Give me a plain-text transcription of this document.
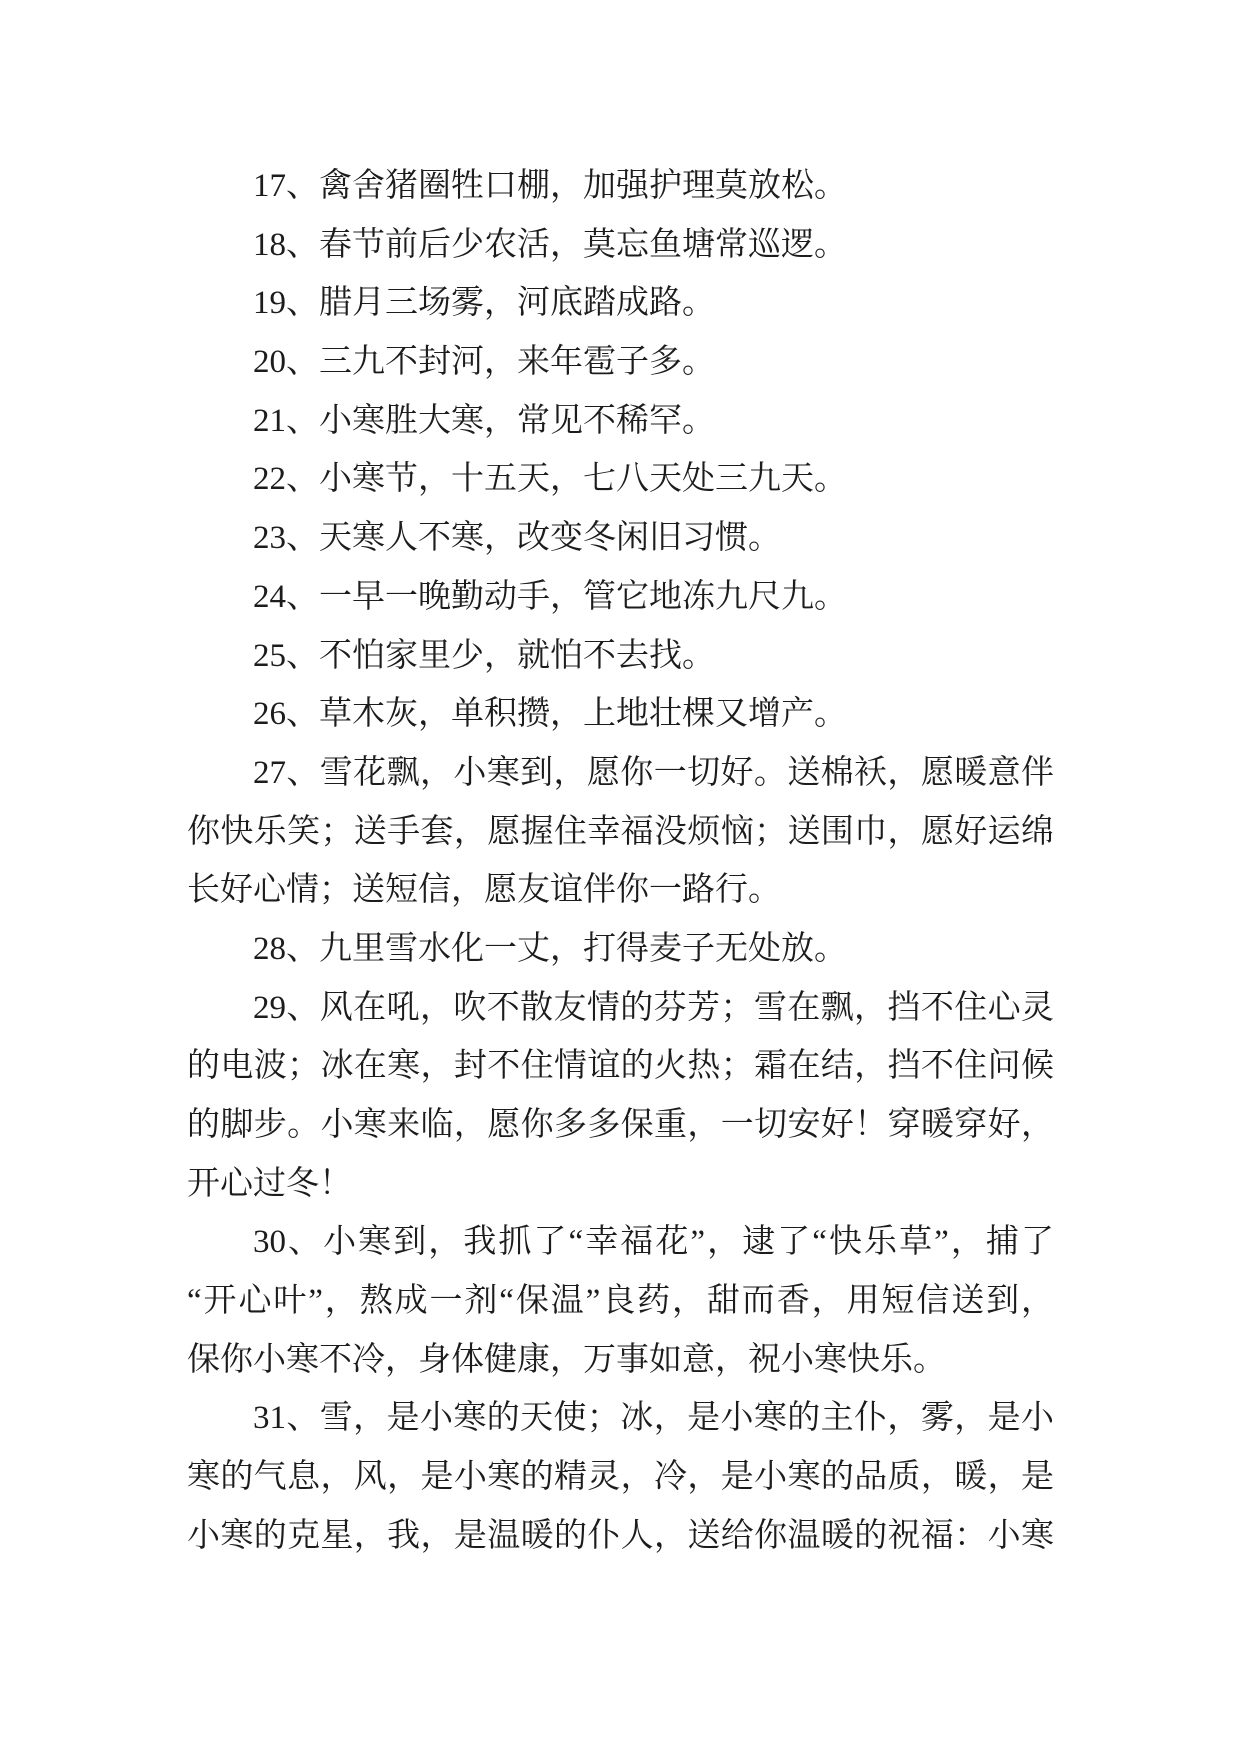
17、禽舍猪圈牲口棚，加强护理莫放松。
18、春节前后少农活，莫忘鱼塘常巡逻。
19、腊月三场雾，河底踏成路。
20、三九不封河，来年雹子多。
21、小寒胜大寒，常见不稀罕。
22、小寒节，十五天，七八天处三九天。
23、天寒人不寒，改变冬闲旧习惯。
24、一早一晚勤动手，管它地冻九尺九。
25、不怕家里少，就怕不去找。
26、草木灰，单积攒，上地壮棵又增产。
27、雪花飘，小寒到，愿你一切好。送棉袄，愿暖意伴
你快乐笑；送手套，愿握住幸福没烦恼；送围巾，愿好运绵
长好心情；送短信，愿友谊伴你一路行。
28、九里雪水化一丈，打得麦子无处放。
29、风在吼，吹不散友情的芬芳；雪在飘，挡不住心灵
的电波；冰在寒，封不住情谊的火热；霜在结，挡不住问候
的脚步。小寒来临，愿你多多保重，一切安好！穿暖穿好，
开心过冬！
30、小寒到，我抓了“幸福花”，逮了“快乐草”，捕了
“开心叶”，熬成一剂“保温”良药，甜而香，用短信送到，
保你小寒不冷，身体健康，万事如意，祝小寒快乐。
31、雪，是小寒的天使；冰，是小寒的主仆，雾，是小
寒的气息，风，是小寒的精灵，冷，是小寒的品质，暖，是
小寒的克星，我，是温暖的仆人，送给你温暖的祝福：小寒
